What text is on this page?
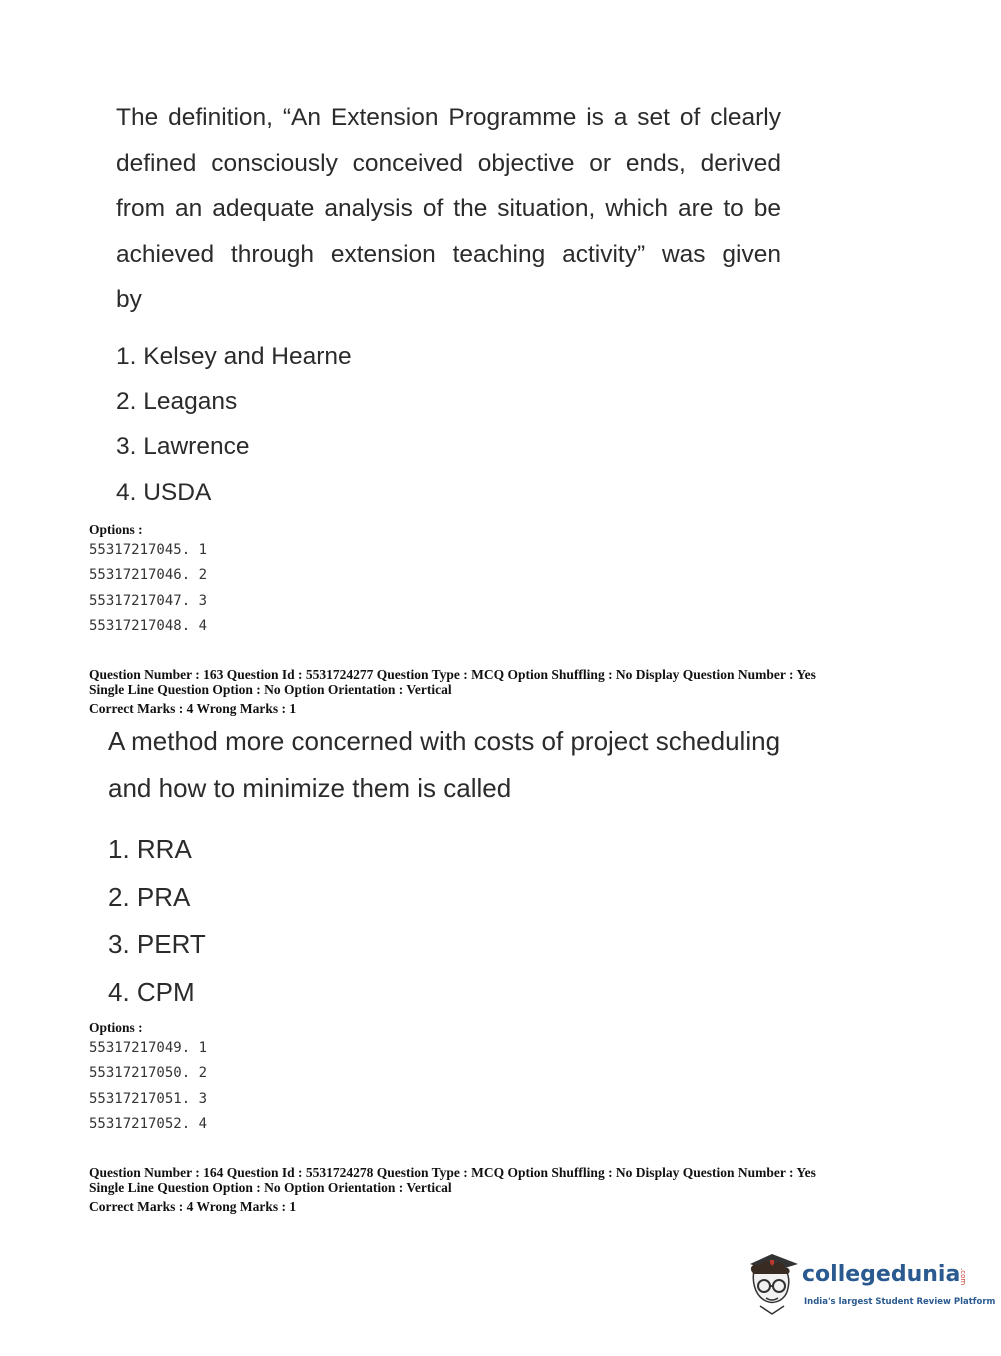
The definition, “An Extension Programme is a set of clearly
defined consciously conceived objective or ends, derived
from an adequate analysis of the situation, which are to be
achieved through extension teaching activity” was given
by
1. Kelsey and Hearne
2. Leagans
3. Lawrence
4. USDA
Options :
55317217045. 1
55317217046. 2
55317217047. 3
55317217048. 4
Question Number : 163 Question Id : 5531724277 Question Type : MCQ Option Shuffling : No Display Question Number : Yes
Single Line Question Option : No Option Orientation : Vertical
Correct Marks : 4 Wrong Marks : 1
A method more concerned with costs of project scheduling
and how to minimize them is called
1. RRA
2. PRA
3. PERT
4. CPM
Options :
55317217049. 1
55317217050. 2
55317217051. 3
55317217052. 4
Question Number : 164 Question Id : 5531724278 Question Type : MCQ Option Shuffling : No Display Question Number : Yes
Single Line Question Option : No Option Orientation : Vertical
Correct Marks : 4 Wrong Marks : 1
collegedunia
.com
India's largest Student Review Platform
